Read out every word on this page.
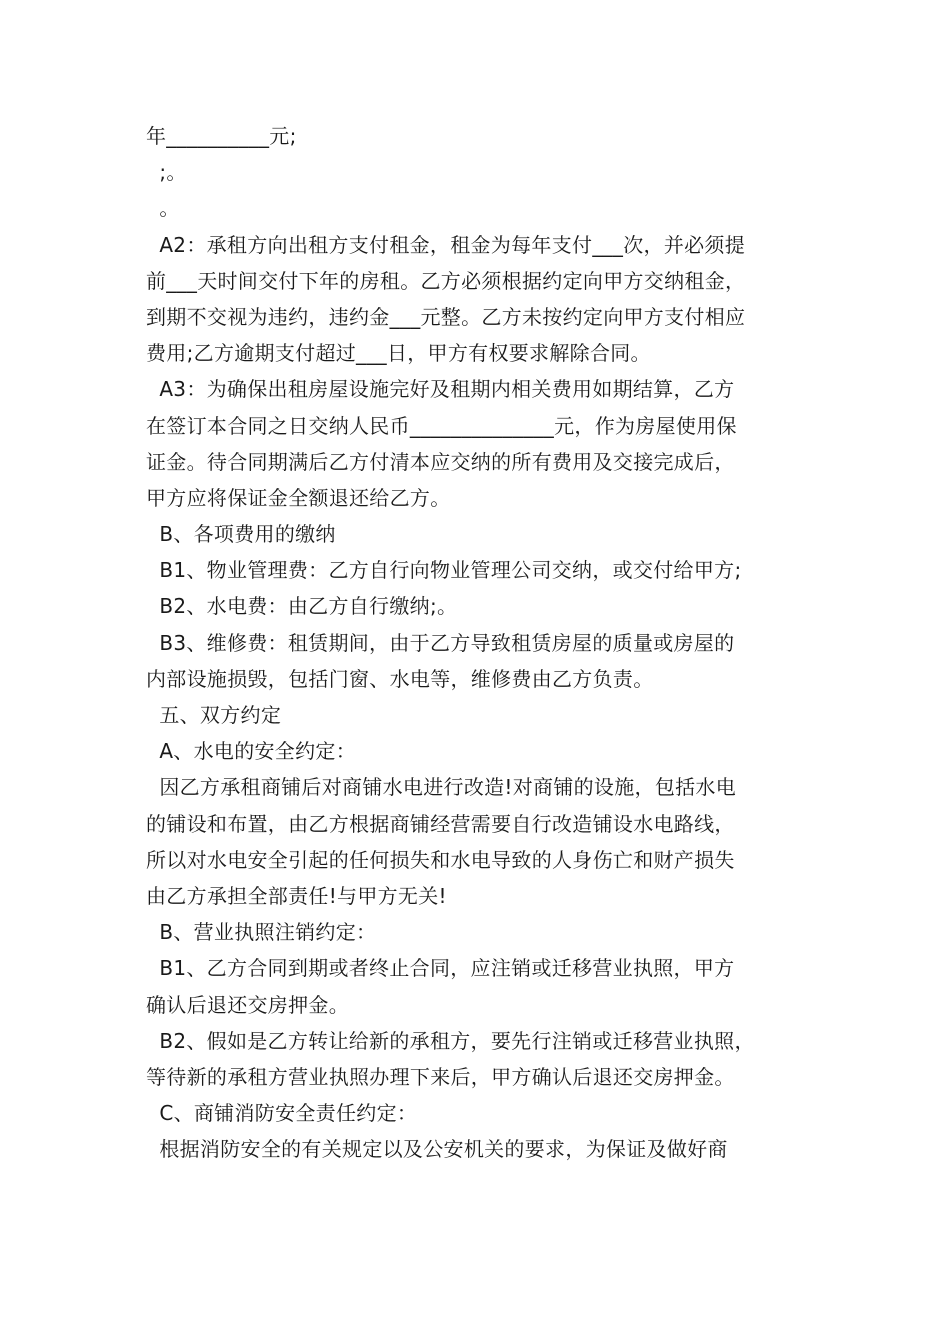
年__________元;
;。
。
A2：承租方向出租方支付租金，租金为每年支付___次，并必须提
前___天时间交付下年的房租。乙方必须根据约定向甲方交纳租金，
到期不交视为违约，违约金___元整。乙方未按约定向甲方支付相应
费用;乙方逾期支付超过___日，甲方有权要求解除合同。
A3：为确保出租房屋设施完好及租期内相关费用如期结算，乙方
在签订本合同之日交纳人民币______________元，作为房屋使用保
证金。待合同期满后乙方付清本应交纳的所有费用及交接完成后，
甲方应将保证金全额退还给乙方。
B、各项费用的缴纳
B1、物业管理费：乙方自行向物业管理公司交纳，或交付给甲方;
B2、水电费：由乙方自行缴纳;。
B3、维修费：租赁期间，由于乙方导致租赁房屋的质量或房屋的
内部设施损毁，包括门窗、水电等，维修费由乙方负责。
五、双方约定
A、水电的安全约定：
因乙方承租商铺后对商铺水电进行改造!对商铺的设施，包括水电
的铺设和布置，由乙方根据商铺经营需要自行改造铺设水电路线，
所以对水电安全引起的任何损失和水电导致的人身伤亡和财产损失
由乙方承担全部责任!与甲方无关!
B、营业执照注销约定：
B1、乙方合同到期或者终止合同，应注销或迁移营业执照，甲方
确认后退还交房押金。
B2、假如是乙方转让给新的承租方，要先行注销或迁移营业执照，
等待新的承租方营业执照办理下来后，甲方确认后退还交房押金。
C、商铺消防安全责任约定：
根据消防安全的有关规定以及公安机关的要求，为保证及做好商
